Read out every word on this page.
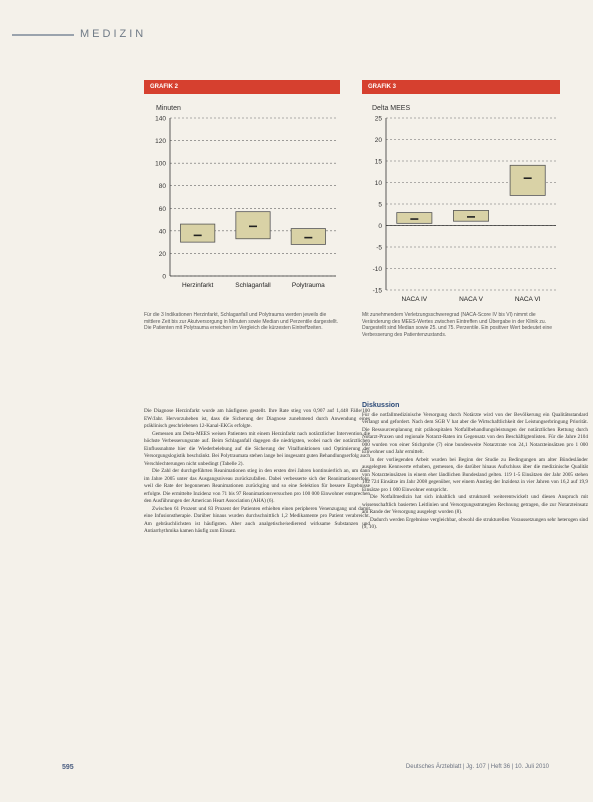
MEDIZIN
GRAFIK 2
Minuten
0
20
40
60
80
100
120
140
Herzinfarkt	Schlaganfall	Polytrauma
Für die 3 Indikationen Herzinfarkt, Schlaganfall und Polytrauma werden jeweils die mittlere Zeit bis zur Akutversorgung in Minuten sowie Median und Perzentile dargestellt. Die Patienten mit Polytrauma erreichen im Vergleich die kürzesten Eintreffzeiten.
GRAFIK 3
Delta MEES
-15
-10
-5
0
5
10
15
20
25
NACA IV	NACA V	NACA VI
Mit zunehmendem Verletzungsschweregrad (NACA-Score IV bis VI) nimmt die Veränderung des MEES-Wertes zwischen Eintreffen und Übergabe in der Klinik zu. Dargestellt sind Median sowie 25. und 75. Perzentile. Ein positiver Wert bedeutet eine Verbesserung des Patientenzustands.

Die Diagnose Herzinfarkt wurde am häufigsten gestellt. Ihre Rate stieg von 0,907 auf 1,448 Fälle/100 EW/Jahr. Hervorzuheben ist, dass die Sicherung der Diagnose zunehmend durch Anwendung eines präklinisch geschriebenen 12-Kanal-EKGs erfolgte.

Gemessen am Delta-MEES weisen Patienten mit einem Herzinfarkt nach notärztlicher Intervention die höchste Verbesserungsrate auf. Beim Schlaganfall dagegen die niedrigsten, wobei nach der notärztlichen Einflussnahme hier die Wiederbelebung auf die Sicherung der Vitalfunktionen und Optimierung der Versorgungslogistik beschränkt. Bei Polytraumata stehen lange bei insgesamt guten Behandlungserfolg auch Verschlechterungen nicht unbedingt (Tabelle 2).

Die Zahl der durchgeführten Reanimationen stieg in den ersten drei Jahren kontinuierlich an, um dann im Jahre 2005 unter das Ausgangsniveau zurückzufallen. Dabei verbesserte sich der Reanimationserfolg, weil die Rate der begonnenen Reanimationen zurückging und so eine Selektion für bessere Ergebnisse erfolgte. Die ermittelte Inzidenz von 71 bis 97 Reanimationsversuchen pro 100 000 Einwohner entsprechen den Ausführungen der American Heart Association (AHA) (6).

Zwischen 61 Prozent und 83 Prozent der Patienten erhielten einen peripheren Venenzugang und damit eine Infusionstherapie. Darüber hinaus wurden durchschnittlich 1,2 Medikamente pro Patient verabreicht. Am gebräuchlichsten ist häufigsten. Aber auch analgetische/sedierend wirksame Substanzen und Antiarrhythmika kamen häufig zum Einsatz.

Diskussion

Für die notfallmedizinische Versorgung durch Notärzte wird von der Bevölkerung ein Qualitätsstandard verlangt und gefordert. Nach dem SGB V hat aber die Wirtschaftlichkeit der Leistungserbringung Priorität. Die Ressourcenplanung mit prähospitalen Notfallbehandlungsleistungen der notärztlichen Rettung durch Notarzt-Praxen und regionale Notarzt-Raten im Gegensatz von den Beschäftigtenlisten. Für die Jahre 2104 000 wurden von einer Stichprobe (7) eine bundesweite Notarztrate von 24,1 Notarzteinsätzen pro 1 000 Einwohner und Jahr ermittelt.

In der vorliegenden Arbeit wurden bei Beginn der Studie zu Bedingungen am alter Bündesländer ausgelegten Kennwerte erhoben, gemessen, die darüber hinaus Aufschluss über die medizinische Qualität von Notarzteinsätzen in einem eher ländlichen Bundesland gelten. 119 1-5 Einsätzen der Jahr 2005 stehen 162 724 Einsätze im Jahr 2008 gegenüber, wer einem Anstieg der Inzidenz in vier Jahren von 16,2 auf 19,9 Einsätze pro 1 000 Einwohner entspricht.

Die Notfallmedizin hat sich inhaltlich und strukturell weiterentwickelt und diesen Anspruch mit wissenschaftlich basierten Leitlinien und Versorgungsstrategien Rechnung getragen, die zur Notarzteinsatz am Rande der Versorgung ausgelegt worden (8).

Dadurch werden Ergebnisse vergleichbar, obwohl die strukturellen Voraussetzungen sehr heterogen sind (9, 10).

595	Deutsches Ärzteblatt | Jg. 107 | Heft 36 | 10. Juli 2010
